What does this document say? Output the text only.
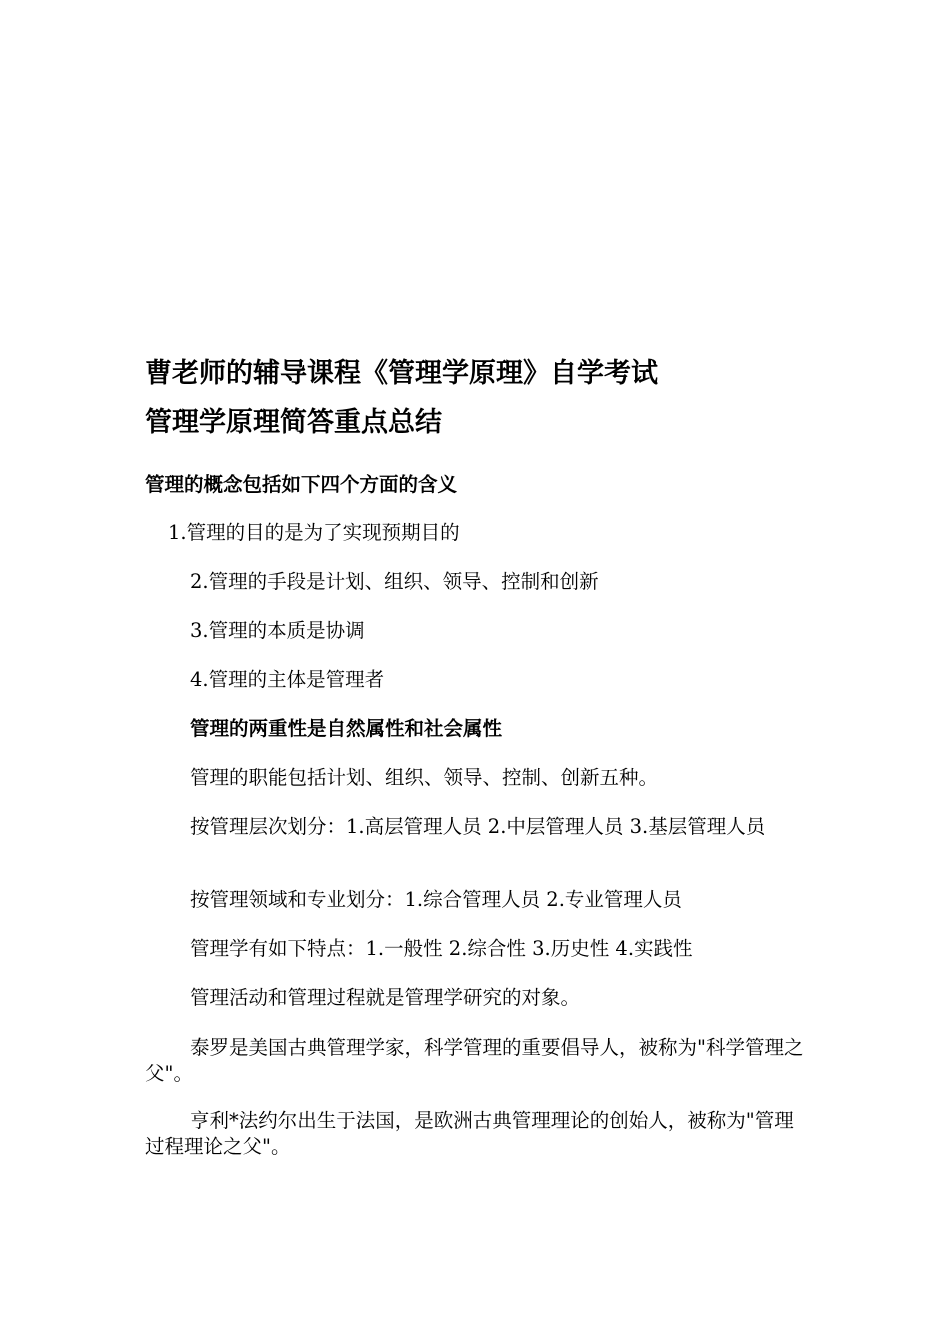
曹老师的辅导课程《管理学原理》自学考试
管理学原理简答重点总结
管理的概念包括如下四个方面的含义
1.管理的目的是为了实现预期目的
2.管理的手段是计划、组织、领导、控制和创新
3.管理的本质是协调
4.管理的主体是管理者
管理的两重性是自然属性和社会属性
管理的职能包括计划、组织、领导、控制、创新五种。
按管理层次划分：1.高层管理人员 2.中层管理人员 3.基层管理人员
按管理领域和专业划分：1.综合管理人员 2.专业管理人员
管理学有如下特点：1.一般性 2.综合性 3.历史性 4.实践性
管理活动和管理过程就是管理学研究的对象。
泰罗是美国古典管理学家，科学管理的重要倡导人，被称为"科学管理之父"。
亨利*法约尔出生于法国，是欧洲古典管理理论的创始人，被称为"管理过程理论之父"。
